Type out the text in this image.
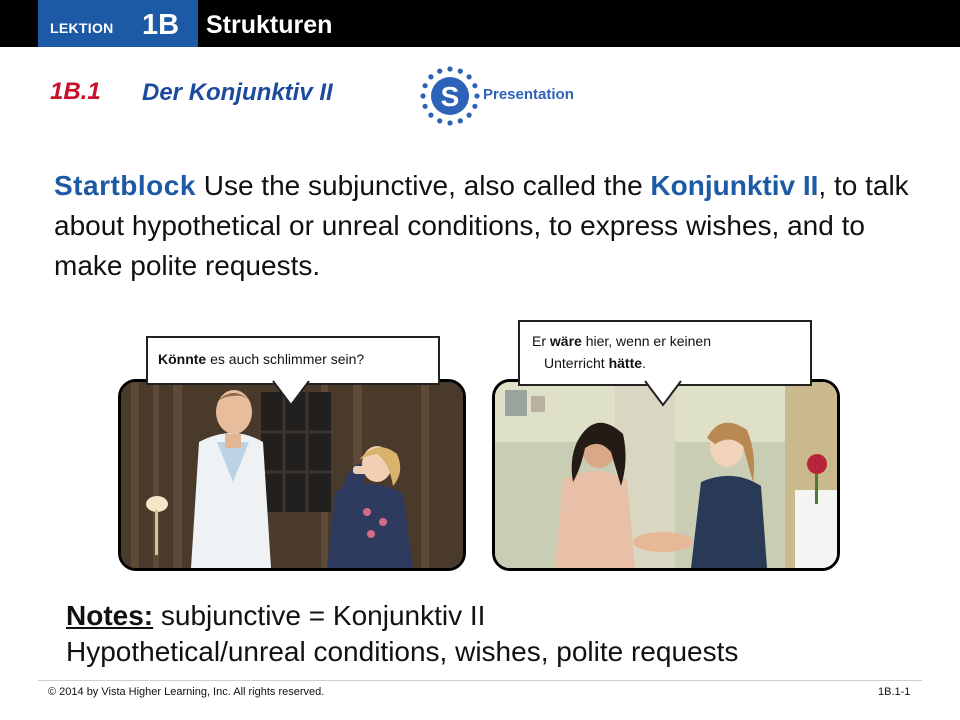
LEKTION 1B Strukturen
1B.1 Der Konjunktiv II	S Presentation
Startblock Use the subjunctive, also called the Konjunktiv II, to talk about hypothetical or unreal conditions, to express wishes, and to make polite requests.
Könnte es auch schlimmer sein?
Er wäre hier, wenn er keinen
Unterricht hätte.
Notes: subjunctive = Konjunktiv II
Hypothetical/unreal conditions, wishes, polite requests
© 2014 by Vista Higher Learning, Inc. All rights reserved.	1B.1-1
